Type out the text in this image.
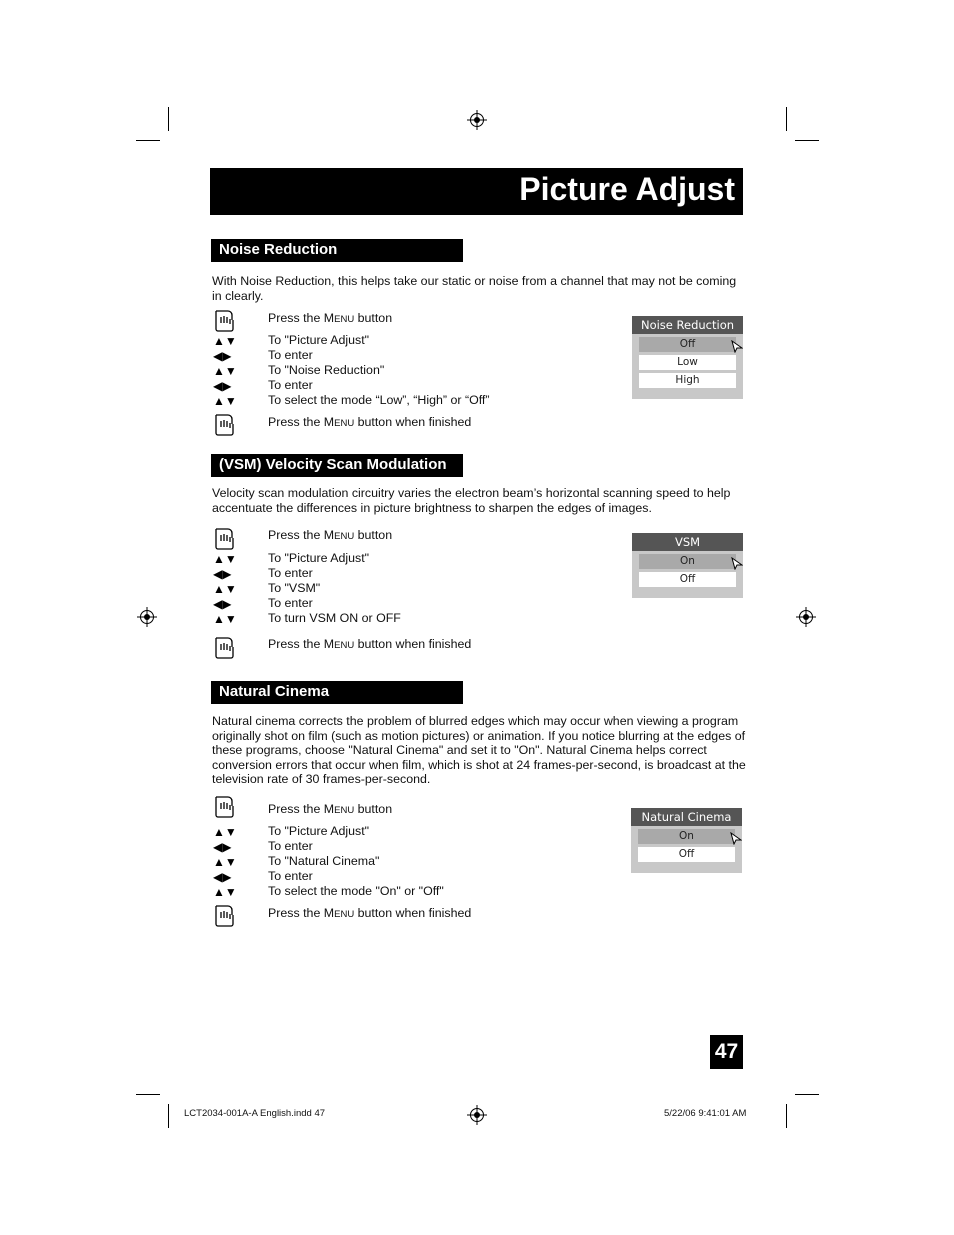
Picture Adjust
Noise Reduction
With Noise Reduction, this helps take our static or noise from a channel that may not be coming in clearly.
Press the MENU button
▲▼	To "Picture Adjust"
◀▶	To enter
▲▼	To "Noise Reduction"
◀▶	To enter
▲▼	To select the mode “Low”, “High” or “Off”
Press the MENU button when finished
Noise Reduction
Off
Low
High
(VSM) Velocity Scan Modulation
Velocity scan modulation circuitry varies the electron beam’s horizontal scanning speed to help accentuate the differences in picture brightness to sharpen the edges of images.
Press the MENU button
▲▼	To "Picture Adjust"
◀▶	To enter
▲▼	To "VSM"
◀▶	To enter
▲▼	To turn VSM ON or OFF
Press the MENU button when finished
VSM
On
Off
Natural Cinema
Natural cinema corrects the problem of blurred edges which may occur when viewing a program originally shot on film (such as motion pictures) or animation. If you notice blurring at the edges of these programs, choose "Natural Cinema" and set it to "On". Natural Cinema helps correct conversion errors that occur when film, which is shot at 24 frames-per-second, is broadcast at the television rate of 30 frames-per-second.
Press the MENU button
▲▼	To "Picture Adjust"
◀▶	To enter
▲▼	To "Natural Cinema"
◀▶	To enter
▲▼	To select the mode "On" or "Off"
Press the MENU button when finished
Natural Cinema
On
Off
47
LCT2034-001A-A English.indd 47	5/22/06 9:41:01 AM
